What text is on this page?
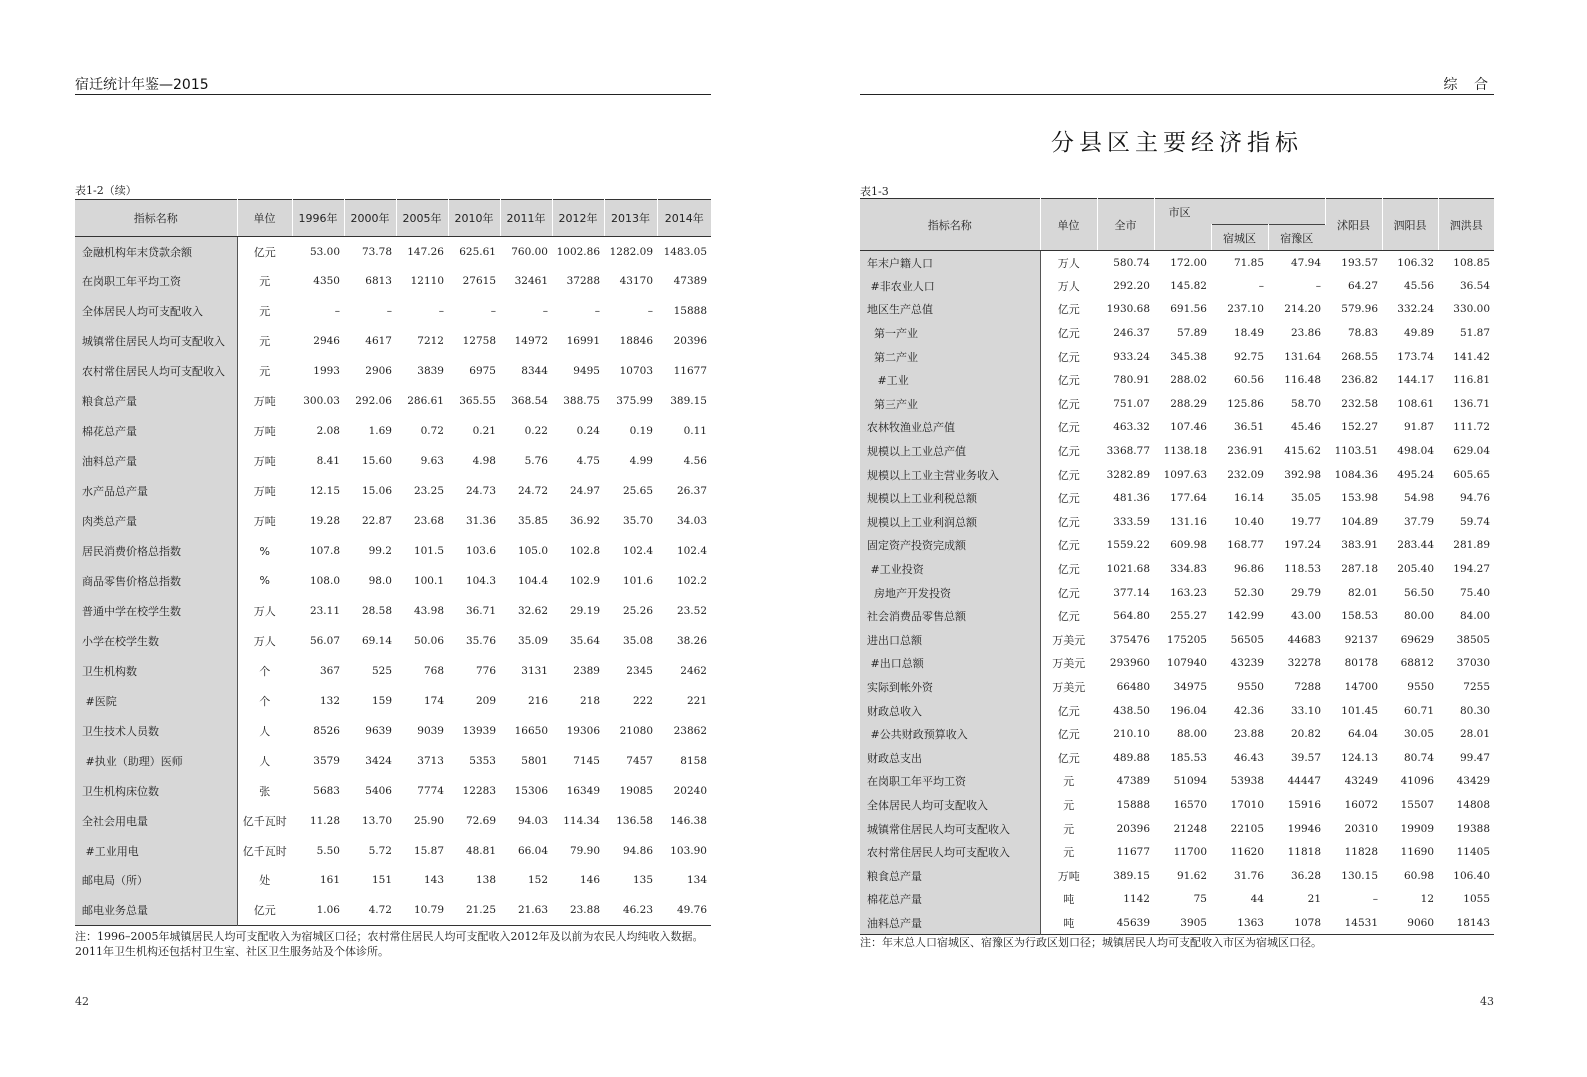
宿迁统计年鉴—2015
表1-2（续）
指标名称	单位	1996年	2000年	2005年	2010年	2011年	2012年	2013年	2014年
金融机构年末贷款余额	亿元	53.00	73.78	147.26	625.61	760.00	1002.86	1282.09	1483.05
在岗职工年平均工资	元	4350	6813	12110	27615	32461	37288	43170	47389
全体居民人均可支配收入	元	–	–	–	–	–	–	–	15888
城镇常住居民人均可支配收入	元	2946	4617	7212	12758	14972	16991	18846	20396
农村常住居民人均可支配收入	元	1993	2906	3839	6975	8344	9495	10703	11677
粮食总产量	万吨	300.03	292.06	286.61	365.55	368.54	388.75	375.99	389.15
棉花总产量	万吨	2.08	1.69	0.72	0.21	0.22	0.24	0.19	0.11
油料总产量	万吨	8.41	15.60	9.63	4.98	5.76	4.75	4.99	4.56
水产品总产量	万吨	12.15	15.06	23.25	24.73	24.72	24.97	25.65	26.37
肉类总产量	万吨	19.28	22.87	23.68	31.36	35.85	36.92	35.70	34.03
居民消费价格总指数	%	107.8	99.2	101.5	103.6	105.0	102.8	102.4	102.4
商品零售价格总指数	%	108.0	98.0	100.1	104.3	104.4	102.9	101.6	102.2
普通中学在校学生数	万人	23.11	28.58	43.98	36.71	32.62	29.19	25.26	23.52
小学在校学生数	万人	56.07	69.14	50.06	35.76	35.09	35.64	35.08	38.26
卫生机构数	个	367	525	768	776	3131	2389	2345	2462
#医院	个	132	159	174	209	216	218	222	221
卫生技术人员数	人	8526	9639	9039	13939	16650	19306	21080	23862
#执业（助理）医师	人	3579	3424	3713	5353	5801	7145	7457	8158
卫生机构床位数	张	5683	5406	7774	12283	15306	16349	19085	20240
全社会用电量	亿千瓦时	11.28	13.70	25.90	72.69	94.03	114.34	136.58	146.38
#工业用电	亿千瓦时	5.50	5.72	15.87	48.81	66.04	79.90	94.86	103.90
邮电局（所）	处	161	151	143	138	152	146	135	134
邮电业务总量	亿元	1.06	4.72	10.79	21.25	21.63	23.88	46.23	49.76
注：1996–2005年城镇居民人均可支配收入为宿城区口径；农村常住居民人均可支配收入2012年及以前为农民人均纯收入数据。2011年卫生机构还包括村卫生室、社区卫生服务站及个体诊所。
42
综 合
分县区主要经济指标
表1-3
指标名称	单位	全市	市区			沭阳县	泗阳县	泗洪县
				宿城区	宿豫区			
年末户籍人口	万人	580.74	172.00	71.85	47.94	193.57	106.32	108.85
#非农业人口	万人	292.20	145.82	–	–	64.27	45.56	36.54
地区生产总值	亿元	1930.68	691.56	237.10	214.20	579.96	332.24	330.00
第一产业	亿元	246.37	57.89	18.49	23.86	78.83	49.89	51.87
第二产业	亿元	933.24	345.38	92.75	131.64	268.55	173.74	141.42
#工业	亿元	780.91	288.02	60.56	116.48	236.82	144.17	116.81
第三产业	亿元	751.07	288.29	125.86	58.70	232.58	108.61	136.71
农林牧渔业总产值	亿元	463.32	107.46	36.51	45.46	152.27	91.87	111.72
规模以上工业总产值	亿元	3368.77	1138.18	236.91	415.62	1103.51	498.04	629.04
规模以上工业主营业务收入	亿元	3282.89	1097.63	232.09	392.98	1084.36	495.24	605.65
规模以上工业利税总额	亿元	481.36	177.64	16.14	35.05	153.98	54.98	94.76
规模以上工业利润总额	亿元	333.59	131.16	10.40	19.77	104.89	37.79	59.74
固定资产投资完成额	亿元	1559.22	609.98	168.77	197.24	383.91	283.44	281.89
#工业投资	亿元	1021.68	334.83	96.86	118.53	287.18	205.40	194.27
房地产开发投资	亿元	377.14	163.23	52.30	29.79	82.01	56.50	75.40
社会消费品零售总额	亿元	564.80	255.27	142.99	43.00	158.53	80.00	84.00
进出口总额	万美元	375476	175205	56505	44683	92137	69629	38505
#出口总额	万美元	293960	107940	43239	32278	80178	68812	37030
实际到帐外资	万美元	66480	34975	9550	7288	14700	9550	7255
财政总收入	亿元	438.50	196.04	42.36	33.10	101.45	60.71	80.30
#公共财政预算收入	亿元	210.10	88.00	23.88	20.82	64.04	30.05	28.01
财政总支出	亿元	489.88	185.53	46.43	39.57	124.13	80.74	99.47
在岗职工年平均工资	元	47389	51094	53938	44447	43249	41096	43429
全体居民人均可支配收入	元	15888	16570	17010	15916	16072	15507	14808
城镇常住居民人均可支配收入	元	20396	21248	22105	19946	20310	19909	19388
农村常住居民人均可支配收入	元	11677	11700	11620	11818	11828	11690	11405
粮食总产量	万吨	389.15	91.62	31.76	36.28	130.15	60.98	106.40
棉花总产量	吨	1142	75	44	21	–	12	1055
油料总产量	吨	45639	3905	1363	1078	14531	9060	18143
注：年末总人口宿城区、宿豫区为行政区划口径；城镇居民人均可支配收入市区为宿城区口径。
43
